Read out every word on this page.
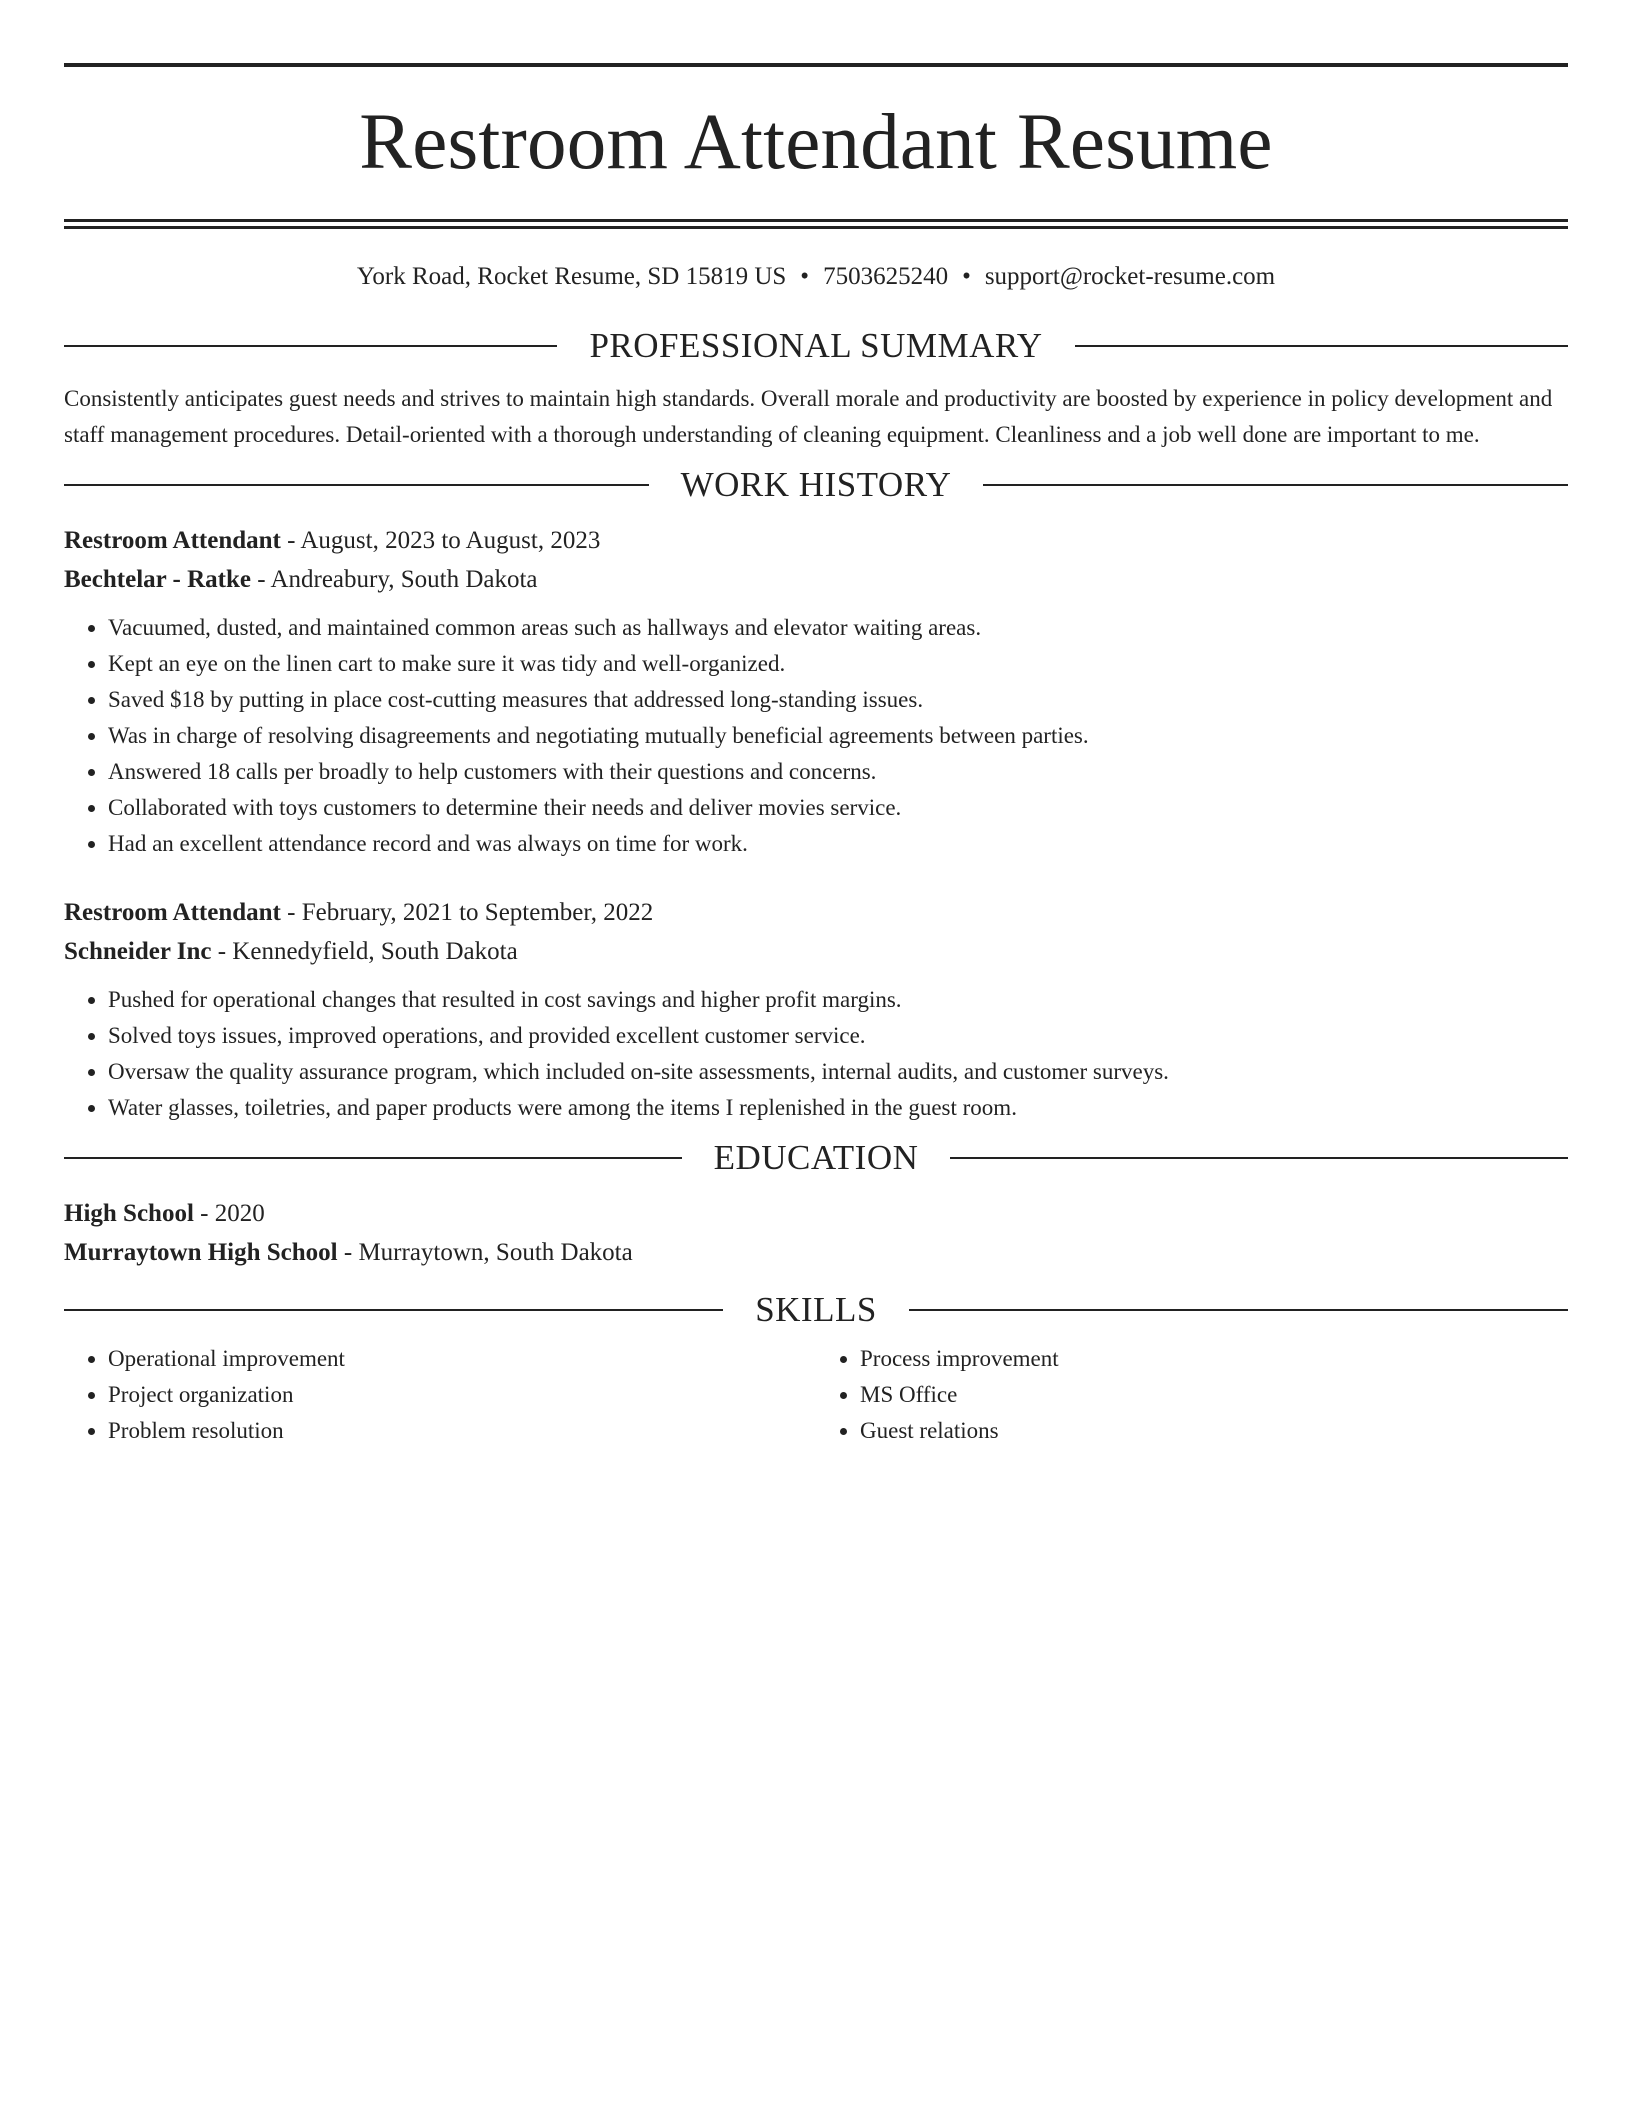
Restroom Attendant Resume
York Road, Rocket Resume, SD 15819 US • 7503625240 • support@rocket-resume.com
PROFESSIONAL SUMMARY

Consistently anticipates guest needs and strives to maintain high standards. Overall morale and productivity are boosted by experience in policy development and staff management procedures. Detail-oriented with a thorough understanding of cleaning equipment. Cleanliness and a job well done are important to me.

WORK HISTORY
Restroom Attendant - August, 2023 to August, 2023
Bechtelar - Ratke - Andreabury, South Dakota
• Vacuumed, dusted, and maintained common areas such as hallways and elevator waiting areas.
• Kept an eye on the linen cart to make sure it was tidy and well-organized.
• Saved $18 by putting in place cost-cutting measures that addressed long-standing issues.
• Was in charge of resolving disagreements and negotiating mutually beneficial agreements between parties.
• Answered 18 calls per broadly to help customers with their questions and concerns.
• Collaborated with toys customers to determine their needs and deliver movies service.
• Had an excellent attendance record and was always on time for work.
Restroom Attendant - February, 2021 to September, 2022
Schneider Inc - Kennedyfield, South Dakota
• Pushed for operational changes that resulted in cost savings and higher profit margins.
• Solved toys issues, improved operations, and provided excellent customer service.
• Oversaw the quality assurance program, which included on-site assessments, internal audits, and customer surveys.
• Water glasses, toiletries, and paper products were among the items I replenished in the guest room.
EDUCATION
High School - 2020
Murraytown High School - Murraytown, South Dakota
SKILLS
• Operational improvement
• Project organization
• Problem resolution
• Process improvement
• MS Office
• Guest relations
